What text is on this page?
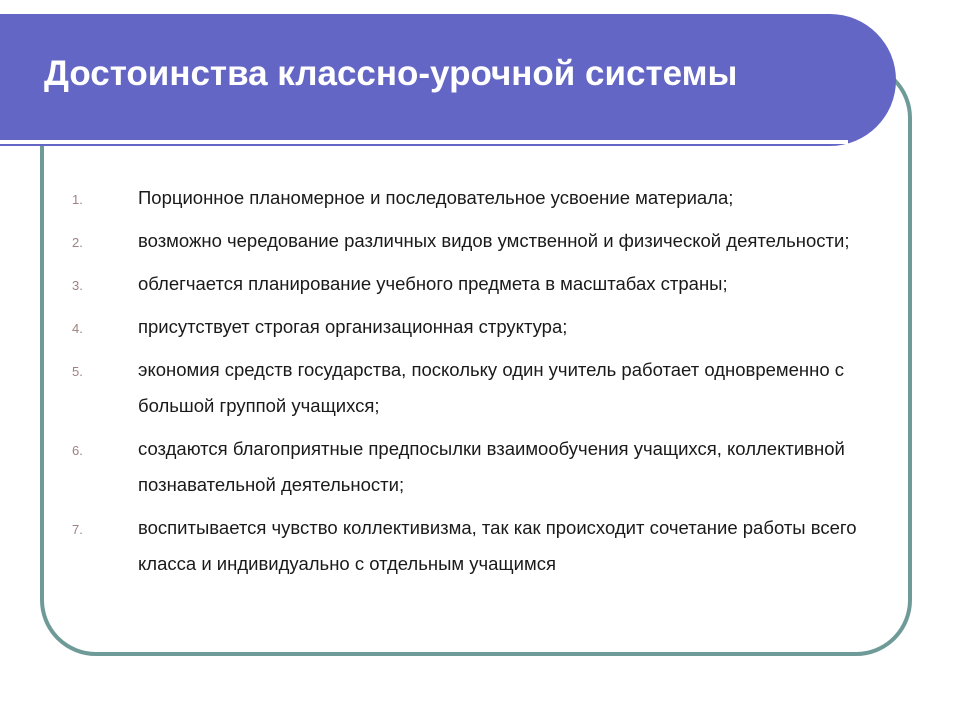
Достоинства классно-урочной системы
1.	Порционное планомерное и последовательное усвоение материала;
2.	возможно чередование различных видов умственной и физической деятельности;
3.	облегчается планирование учебного предмета в масштабах страны;
4.	присутствует строгая организационная структура;
5.	экономия средств государства, поскольку один учитель работает одновременно с большой группой учащихся;
6.	создаются благоприятные предпосылки взаимообучения учащихся, коллективной познавательной деятельности;
7.	воспитывается чувство коллективизма, так как происходит сочетание работы всего класса и индивидуально с отдельным учащимся
